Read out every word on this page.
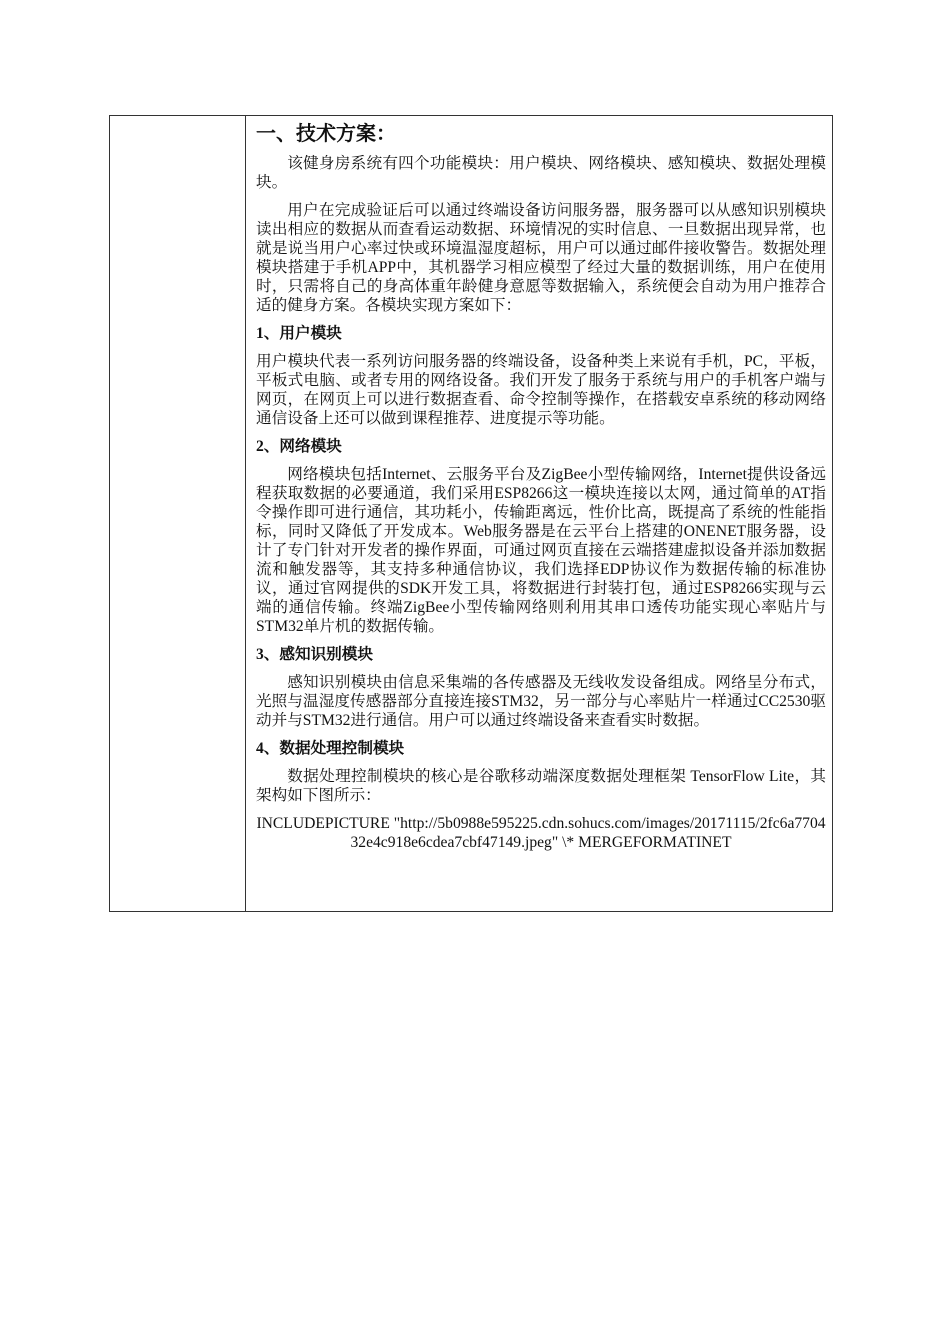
一、技术方案：

该健身房系统有四个功能模块：用户模块、网络模块、感知模块、数据处理模块。

用户在完成验证后可以通过终端设备访问服务器，服务器可以从感知识别模块读出相应的数据从而查看运动数据、环境情况的实时信息、一旦数据出现异常，也就是说当用户心率过快或环境温湿度超标，用户可以通过邮件接收警告。数据处理模块搭建于手机APP中，其机器学习相应模型了经过大量的数据训练，用户在使用时，只需将自己的身高体重年龄健身意愿等数据输入，系统便会自动为用户推荐合适的健身方案。各模块实现方案如下：

1、用户模块

用户模块代表一系列访问服务器的终端设备，设备种类上来说有手机，PC，平板，平板式电脑、或者专用的网络设备。我们开发了服务于系统与用户的手机客户端与网页，在网页上可以进行数据查看、命令控制等操作，在搭载安卓系统的移动网络通信设备上还可以做到课程推荐、进度提示等功能。

2、网络模块

网络模块包括Internet、云服务平台及ZigBee小型传输网络，Internet提供设备远程获取数据的必要通道，我们采用ESP8266这一模块连接以太网，通过简单的AT指令操作即可进行通信，其功耗小，传输距离远，性价比高，既提高了系统的性能指标，同时又降低了开发成本。Web服务器是在云平台上搭建的ONENET服务器，设计了专门针对开发者的操作界面，可通过网页直接在云端搭建虚拟设备并添加数据流和触发器等，其支持多种通信协议，我们选择EDP协议作为数据传输的标准协议，通过官网提供的SDK开发工具，将数据进行封装打包，通过ESP8266实现与云端的通信传输。终端ZigBee小型传输网络则利用其串口透传功能实现心率贴片与STM32单片机的数据传输。

3、感知识别模块

感知识别模块由信息采集端的各传感器及无线收发设备组成。网络呈分布式，光照与温湿度传感器部分直接连接STM32，另一部分与心率贴片一样通过CC2530驱动并与STM32进行通信。用户可以通过终端设备来查看实时数据。

4、数据处理控制模块

数据处理控制模块的核心是谷歌移动端深度数据处理框架 TensorFlow Lite，其架构如下图所示：

INCLUDEPICTURE "http://5b0988e595225.cdn.sohucs.com/images/20171115/2fc6a770432e4c918e6cdea7cbf47149.jpeg" \* MERGEFORMATINET
